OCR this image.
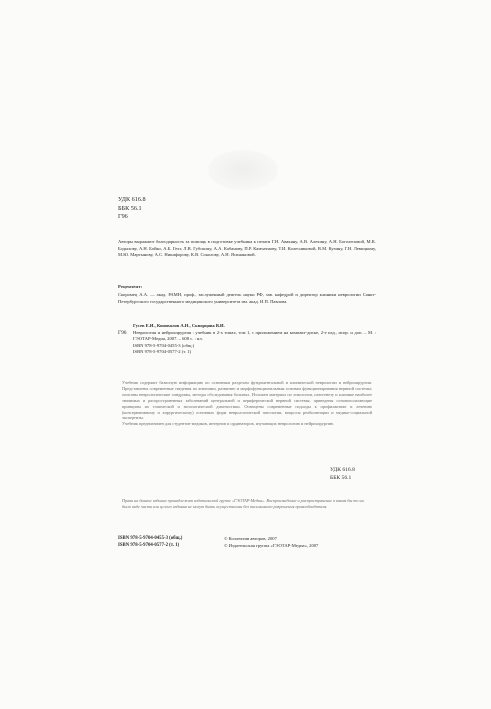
УДК 616.8
ББК 56.1
Г96
Авторы выражают благодарность за помощь в подготовке учебника к печати Г.Н. Авакяну, А.В. Алехину, А.Н. Боголеповой, М.К. Бодыхову, А.Н. Бойко, А.Б. Гехт, Л.В. Губскому, А.А. Кабанову, П.Р. Камчатнову, Т.И. Колесниковой, В.М. Кузину, Г.Н. Левицкому, М.Ю. Мартынову, А.С. Никифорову, К.В. Соколову, А.Н. Ясинановой.
Рецензент:
Скоромец А.А. — акад. РАМН, проф., заслуженный деятель науки РФ, зав. кафедрой и директор клиники неврологии Санкт-Петербургского государственного медицинского университета им. акад. И.П. Павлова.
Г96
Гусев Е.И., Коновалов А.Н., Скворцова В.И.
Неврология и нейрохирургия : учебник в 2-х томах, том 1, с приложением на компакт-диске, 2-е изд., испр. и доп. – М. : ГЭОТАР-Медиа, 2007. – 608 с. : ил.
ISBN 978-5-9704-0455-3 (общ.)
ISBN 978-5-9704-0577-2 (т. 1)
Учебник содержит базисную информацию по основным разделам фундаментальной и клинической неврологии и нейрохирургии. Представлены современные сведения по анатомии, развитию и морфофункциональным основам функционирования нервной системы; описаны неврологические синдромы, методы обследования больных. Изложен материал по этиологии, патогенезу и клинике наиболее значимых и распространенных заболеваний центральной и периферической нервной системы; приведены основополагающие принципы их топической и нозологической диагностики. Освещены современные подходы к профилактике и лечению (консервативному и хирургическому) основных форм неврологической патологии, вопросы реабилитации и медико-социальной экспертизы.
Учебник предназначен для студентов-медиков, интернов и ординаторов, изучающих неврологию и нейрохирургию.
УДК 616.8
ББК 56.1
Права на данное издание принадлежат издательской группе «ГЭОТАР-Медиа». Воспроизведение и распространение в каком бы то ни было виде части или целого издания не могут быть осуществлены без письменного разрешения правообладателя.
ISBN 978-5-9704-0455-3 (общ.)
ISBN 978-5-9704-0577-2 (т. 1)
© Коллектив авторов, 2007
© Издательская группа «ГЭОТАР-Медиа», 2007
